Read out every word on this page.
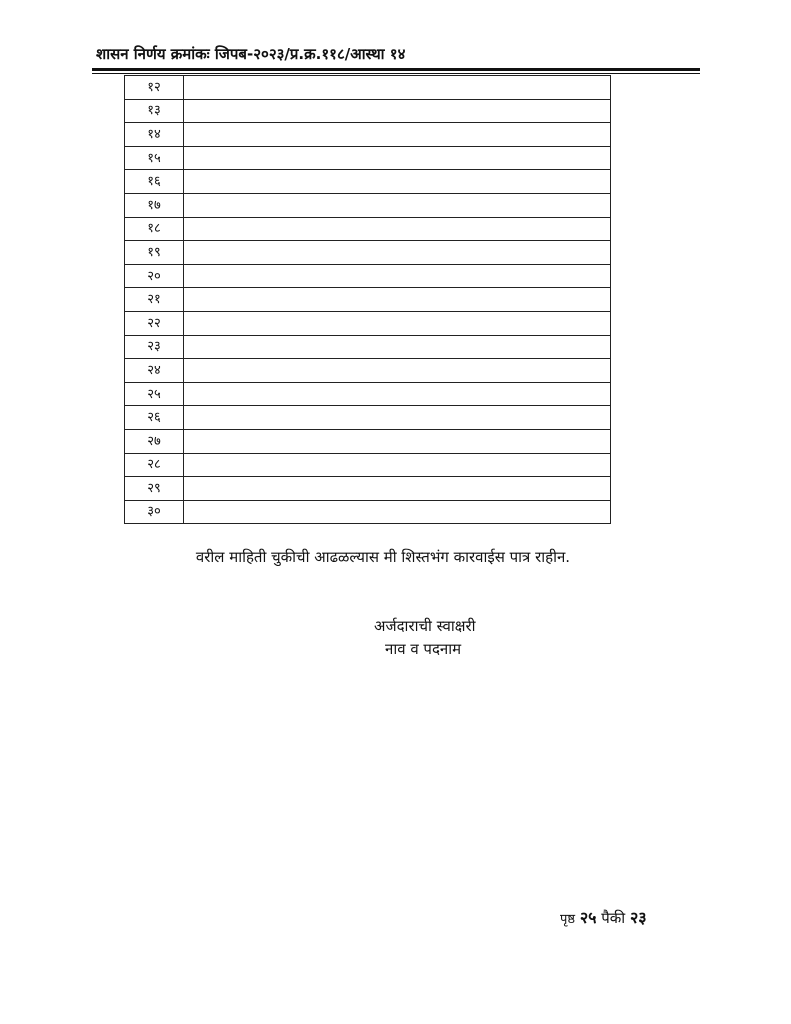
शासन निर्णय क्रमांकः जिपब-२०२३/प्र.क्र.११८/आस्था १४
१२	
१३	
१४	
१५	
१६	
१७	
१८	
१९	
२०	
२१	
२२	
२३	
२४	
२५	
२६	
२७	
२८	
२९	
३०	
वरील माहिती चुकीची आढळल्यास मी शिस्तभंग कारवाईस पात्र राहीन.
अर्जदाराची स्वाक्षरी
नाव व पदनाम
पृष्ठ २५ पैकी २३
